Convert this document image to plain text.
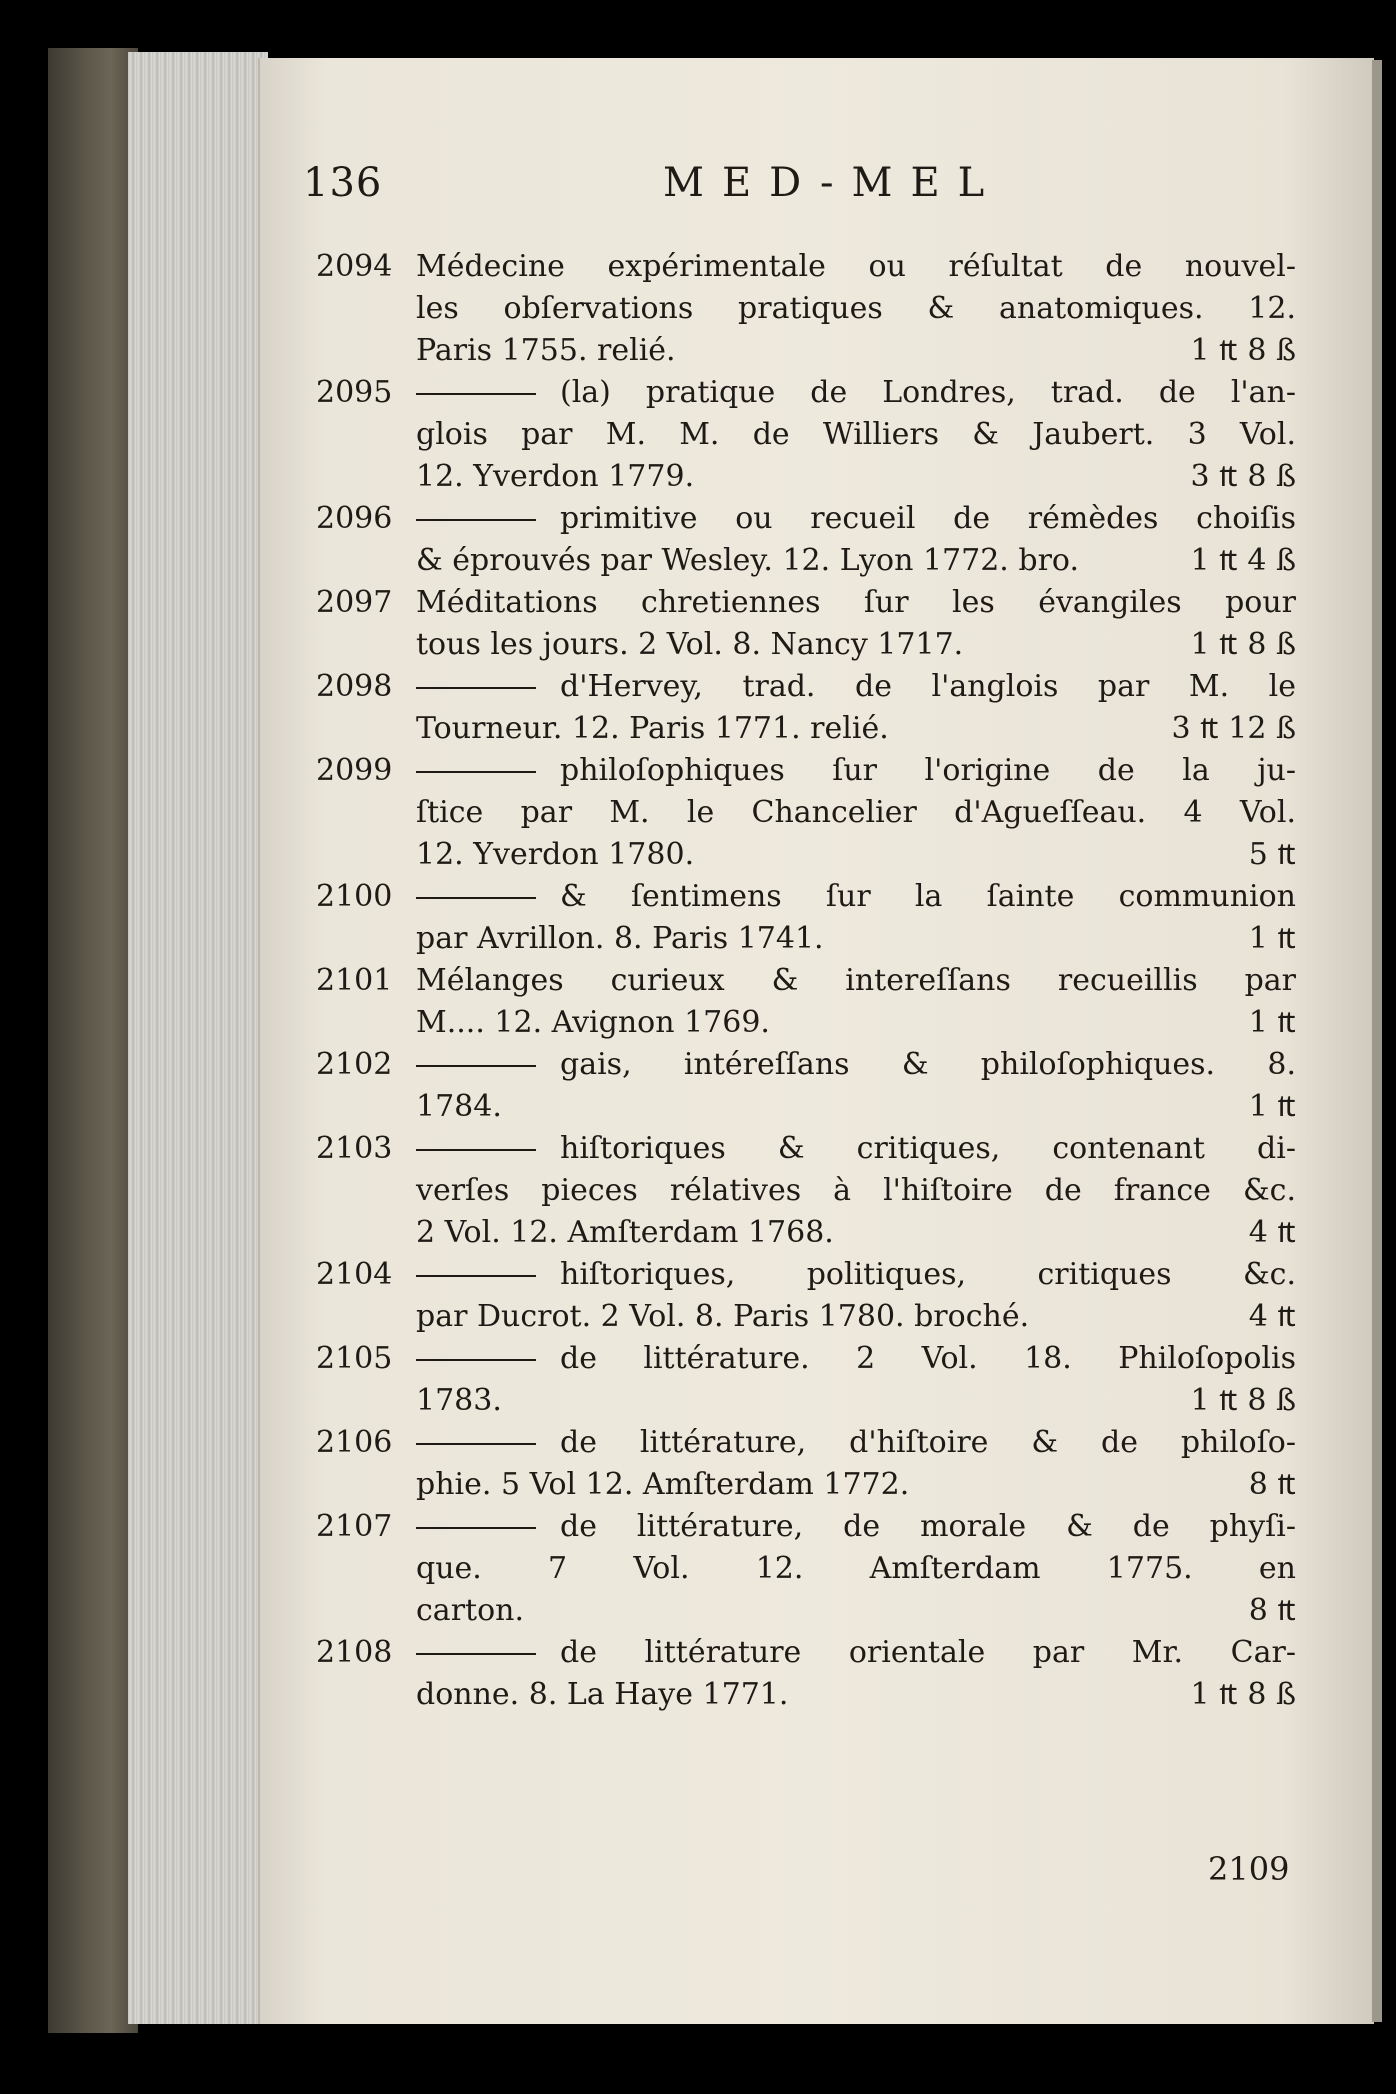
136	MED-MEL
2094 Médecine expérimentale ou réſultat de nouvel-
les obſervations pratiques & anatomiques. 12.
Paris 1755. relié.	1 ₶ 8 ß
2095	(la) pratique de Londres, trad. de l'an-
glois par M. M. de Williers & Jaubert. 3 Vol.
12. Yverdon 1779.	3 ₶ 8 ß
2096	primitive ou recueil de rémèdes choiſis
& éprouvés par Wesley. 12. Lyon 1772. bro.	1 ₶ 4 ß
2097 Méditations chretiennes ſur les évangiles pour
tous les jours. 2 Vol. 8. Nancy 1717.	1 ₶ 8 ß
2098	d'Hervey, trad. de l'anglois par M. le
Tourneur. 12. Paris 1771. relié.	3 ₶ 12 ß
2099	philoſophiques ſur l'origine de la ju-
ſtice par M. le Chancelier d'Agueſſeau. 4 Vol.
12. Yverdon 1780.	5 ₶
2100	& ſentimens ſur la ſainte communion
par Avrillon. 8. Paris 1741.	1 ₶
2101 Mélanges curieux & intereſſans recueillis par
M.... 12. Avignon 1769.	1 ₶
2102	gais, intéreſſans & philoſophiques. 8.
1784.	1 ₶
2103	hiſtoriques & critiques, contenant di-
verſes pieces rélatives à l'hiſtoire de france &c.
2 Vol. 12. Amſterdam 1768.	4 ₶
2104	hiſtoriques, politiques, critiques &c.
par Ducrot. 2 Vol. 8. Paris 1780. broché.	4 ₶
2105	de littérature. 2 Vol. 18. Philoſopolis
1783.	1 ₶ 8 ß
2106	de littérature, d'hiſtoire & de philoſo-
phie. 5 Vol 12. Amſterdam 1772.	8 ₶
2107	de littérature, de morale & de phyſi-
que. 7 Vol. 12. Amſterdam 1775. en
carton.	8 ₶
2108	de littérature orientale par Mr. Car-
donne. 8. La Haye 1771.	1 ₶ 8 ß
2109
